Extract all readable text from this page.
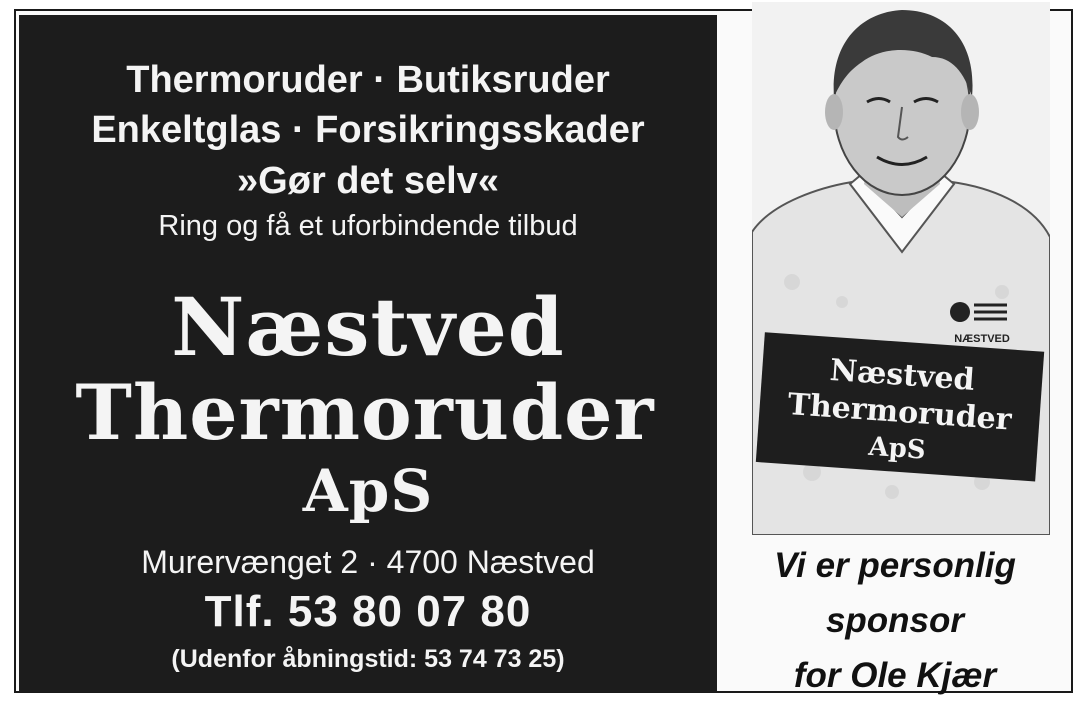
Thermoruder · Butiksruder
Enkeltglas · Forsikringsskader
»Gør det selv«
Ring og få et uforbindende tilbud
Næstved
Thermoruder
ApS
Murervænget 2 · 4700 Næstved
Tlf. 53 80 07 80
(Udenfor åbningstid: 53 74 73 25)
NÆSTVED
Næstved
Thermoruder
ApS
Vi er personlig
sponsor
for Ole Kjær
